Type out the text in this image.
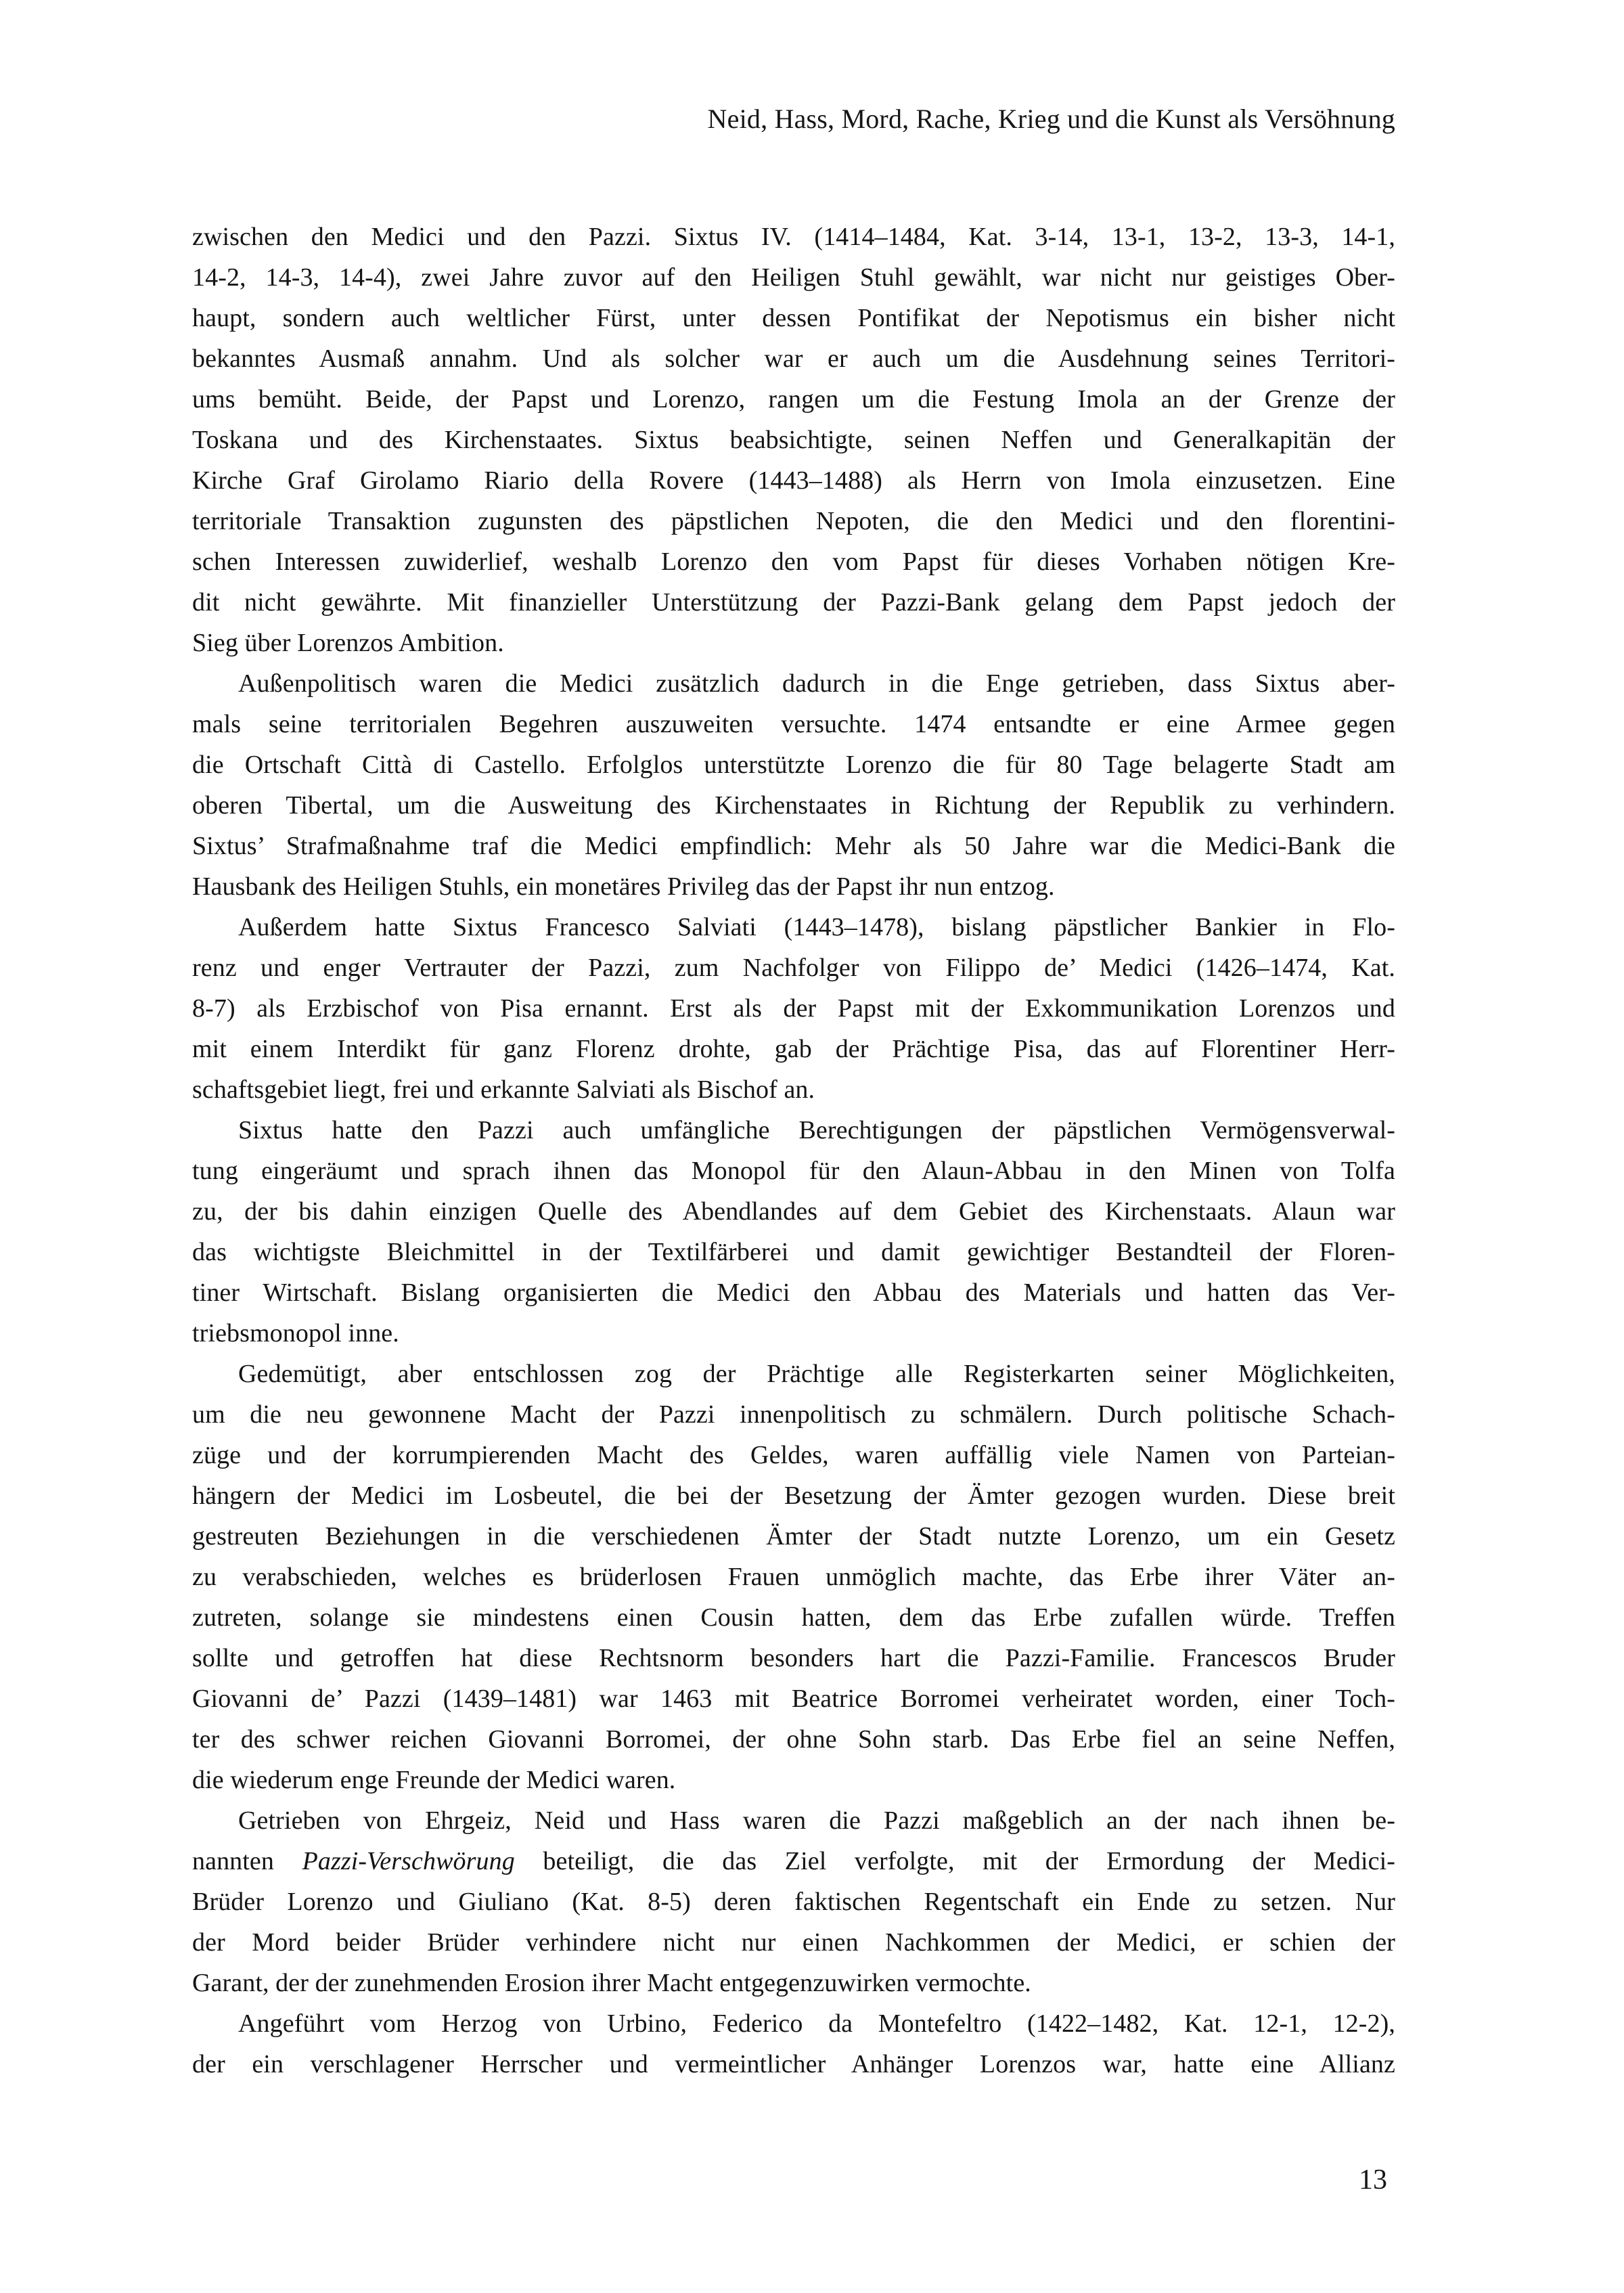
Neid, Hass, Mord, Rache, Krieg und die Kunst als Versöhnung
zwischen den Medici und den Pazzi. Sixtus IV. (1414–1484, Kat. 3-14, 13-1, 13-2, 13-3, 14-1,
14-2, 14-3, 14-4), zwei Jahre zuvor auf den Heiligen Stuhl gewählt, war nicht nur geistiges Ober-
haupt, sondern auch weltlicher Fürst, unter dessen Pontifikat der Nepotismus ein bisher nicht
bekanntes Ausmaß annahm. Und als solcher war er auch um die Ausdehnung seines Territori-
ums bemüht. Beide, der Papst und Lorenzo, rangen um die Festung Imola an der Grenze der
Toskana und des Kirchenstaates. Sixtus beabsichtigte, seinen Neffen und Generalkapitän der
Kirche Graf Girolamo Riario della Rovere (1443–1488) als Herrn von Imola einzusetzen. Eine
territoriale Transaktion zugunsten des päpstlichen Nepoten, die den Medici und den florentini-
schen Interessen zuwiderlief, weshalb Lorenzo den vom Papst für dieses Vorhaben nötigen Kre-
dit nicht gewährte. Mit finanzieller Unterstützung der Pazzi-Bank gelang dem Papst jedoch der
Sieg über Lorenzos Ambition.
Außenpolitisch waren die Medici zusätzlich dadurch in die Enge getrieben, dass Sixtus aber-
mals seine territorialen Begehren auszuweiten versuchte. 1474 entsandte er eine Armee gegen
die Ortschaft Città di Castello. Erfolglos unterstützte Lorenzo die für 80 Tage belagerte Stadt am
oberen Tibertal, um die Ausweitung des Kirchenstaates in Richtung der Republik zu verhindern.
Sixtus’ Strafmaßnahme traf die Medici empfindlich: Mehr als 50 Jahre war die Medici-Bank die
Hausbank des Heiligen Stuhls, ein monetäres Privileg das der Papst ihr nun entzog.
Außerdem hatte Sixtus Francesco Salviati (1443–1478), bislang päpstlicher Bankier in Flo-
renz und enger Vertrauter der Pazzi, zum Nachfolger von Filippo de’ Medici (1426–1474, Kat.
8-7) als Erzbischof von Pisa ernannt. Erst als der Papst mit der Exkommunikation Lorenzos und
mit einem Interdikt für ganz Florenz drohte, gab der Prächtige Pisa, das auf Florentiner Herr-
schaftsgebiet liegt, frei und erkannte Salviati als Bischof an.
Sixtus hatte den Pazzi auch umfängliche Berechtigungen der päpstlichen Vermögensverwal-
tung eingeräumt und sprach ihnen das Monopol für den Alaun-Abbau in den Minen von Tolfa
zu, der bis dahin einzigen Quelle des Abendlandes auf dem Gebiet des Kirchenstaats. Alaun war
das wichtigste Bleichmittel in der Textilfärberei und damit gewichtiger Bestandteil der Floren-
tiner Wirtschaft. Bislang organisierten die Medici den Abbau des Materials und hatten das Ver-
triebsmonopol inne.
Gedemütigt, aber entschlossen zog der Prächtige alle Registerkarten seiner Möglichkeiten,
um die neu gewonnene Macht der Pazzi innenpolitisch zu schmälern. Durch politische Schach-
züge und der korrumpierenden Macht des Geldes, waren auffällig viele Namen von Parteian-
hängern der Medici im Losbeutel, die bei der Besetzung der Ämter gezogen wurden. Diese breit
gestreuten Beziehungen in die verschiedenen Ämter der Stadt nutzte Lorenzo, um ein Gesetz
zu verabschieden, welches es brüderlosen Frauen unmöglich machte, das Erbe ihrer Väter an-
zutreten, solange sie mindestens einen Cousin hatten, dem das Erbe zufallen würde. Treffen
sollte und getroffen hat diese Rechtsnorm besonders hart die Pazzi-Familie. Francescos Bruder
Giovanni de’ Pazzi (1439–1481) war 1463 mit Beatrice Borromei verheiratet worden, einer Toch-
ter des schwer reichen Giovanni Borromei, der ohne Sohn starb. Das Erbe fiel an seine Neffen,
die wiederum enge Freunde der Medici waren.
Getrieben von Ehrgeiz, Neid und Hass waren die Pazzi maßgeblich an der nach ihnen be-
nannten Pazzi-Verschwörung beteiligt, die das Ziel verfolgte, mit der Ermordung der Medici-
Brüder Lorenzo und Giuliano (Kat. 8-5) deren faktischen Regentschaft ein Ende zu setzen. Nur
der Mord beider Brüder verhindere nicht nur einen Nachkommen der Medici, er schien der
Garant, der der zunehmenden Erosion ihrer Macht entgegenzuwirken vermochte.
Angeführt vom Herzog von Urbino, Federico da Montefeltro (1422–1482, Kat. 12-1, 12-2),
der ein verschlagener Herrscher und vermeintlicher Anhänger Lorenzos war, hatte eine Allianz
13
